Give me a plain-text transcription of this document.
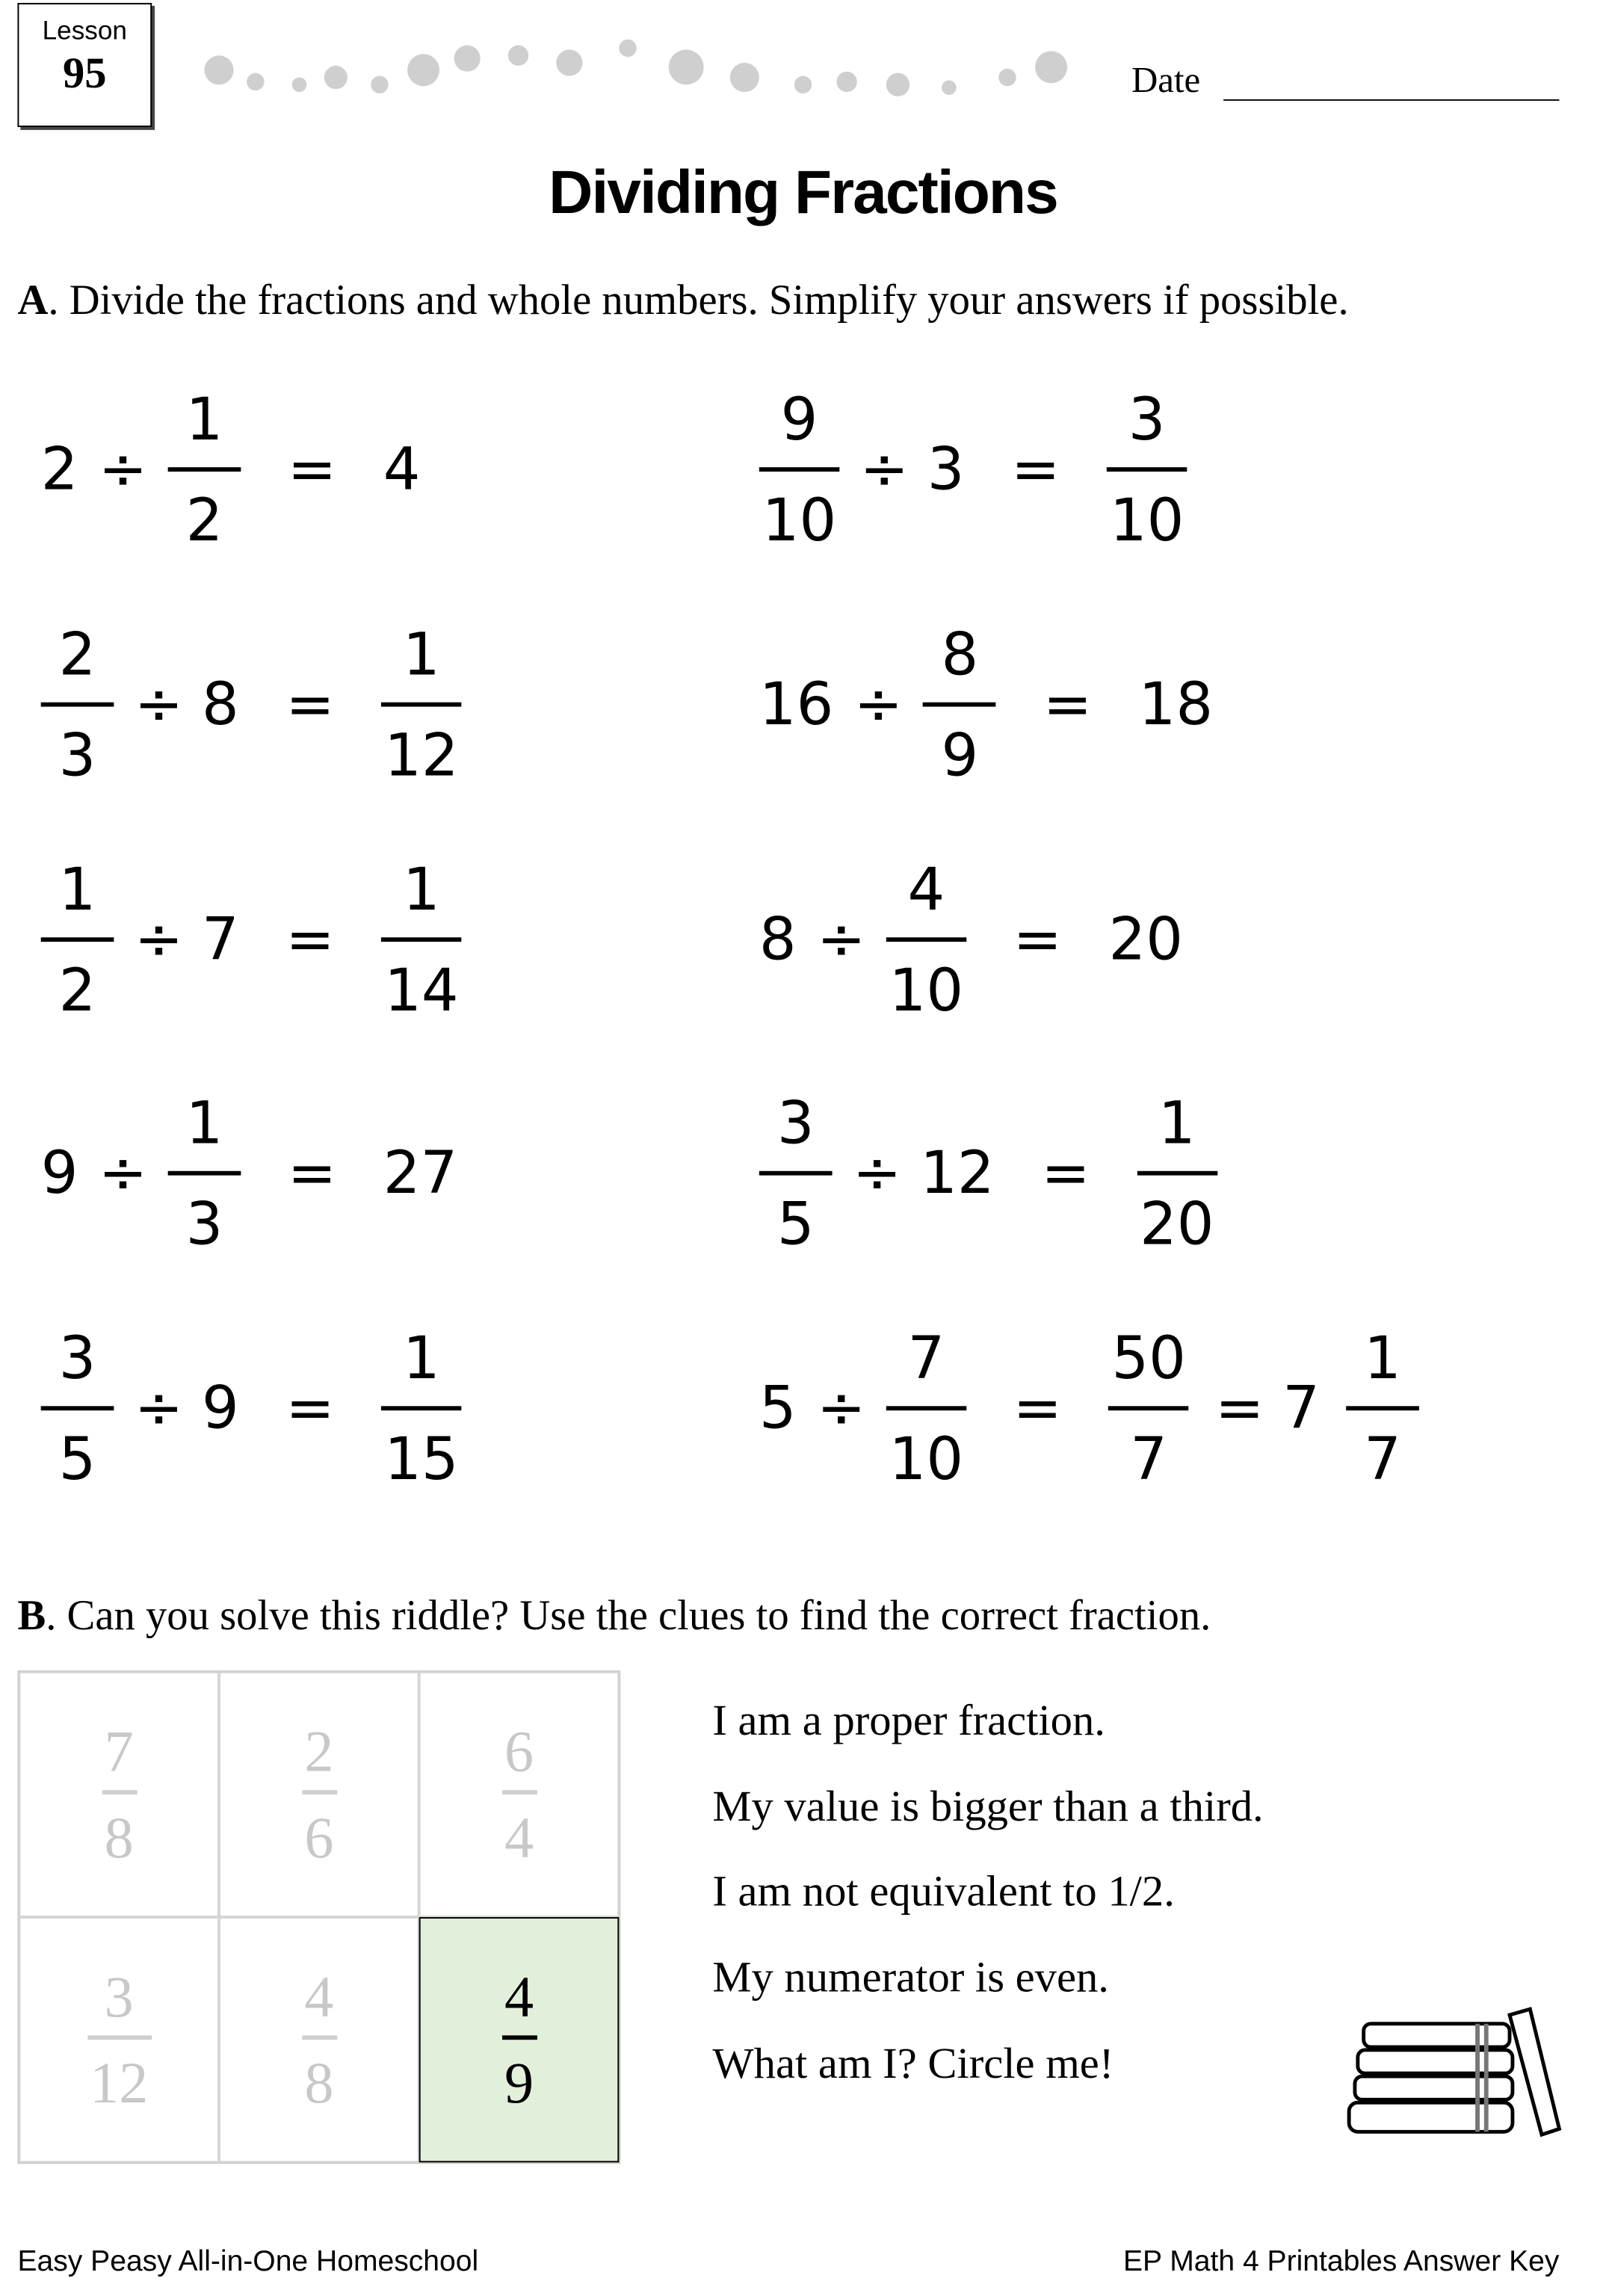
Lesson
95	Date
Dividing Fractions
A. Divide the fractions and whole numbers. Simplify your answers if possible.
2 ÷
1
2
= 4
2
3
÷ 8 =
1
12
1
2
÷ 7 =
1
14
9 ÷
1
3
= 27
3
5
÷ 9 =
1
15
9
10
÷ 3 =
3
10
16 ÷
8
9
= 18
8 ÷
4
10
= 20
3
5
÷ 12 =
1
20
5 ÷
7
10
=
50
7
= 7
1
7
B. Can you solve this riddle? Use the clues to find the correct fraction.
7
8
2
6
6
4
3
12
4
8
4
9
I am a proper fraction.
My value is bigger than a third.
I am not equivalent to 1/2.
My numerator is even.
What am I? Circle me!
Easy Peasy All-in-One Homeschool	EP Math 4 Printables Answer Key
